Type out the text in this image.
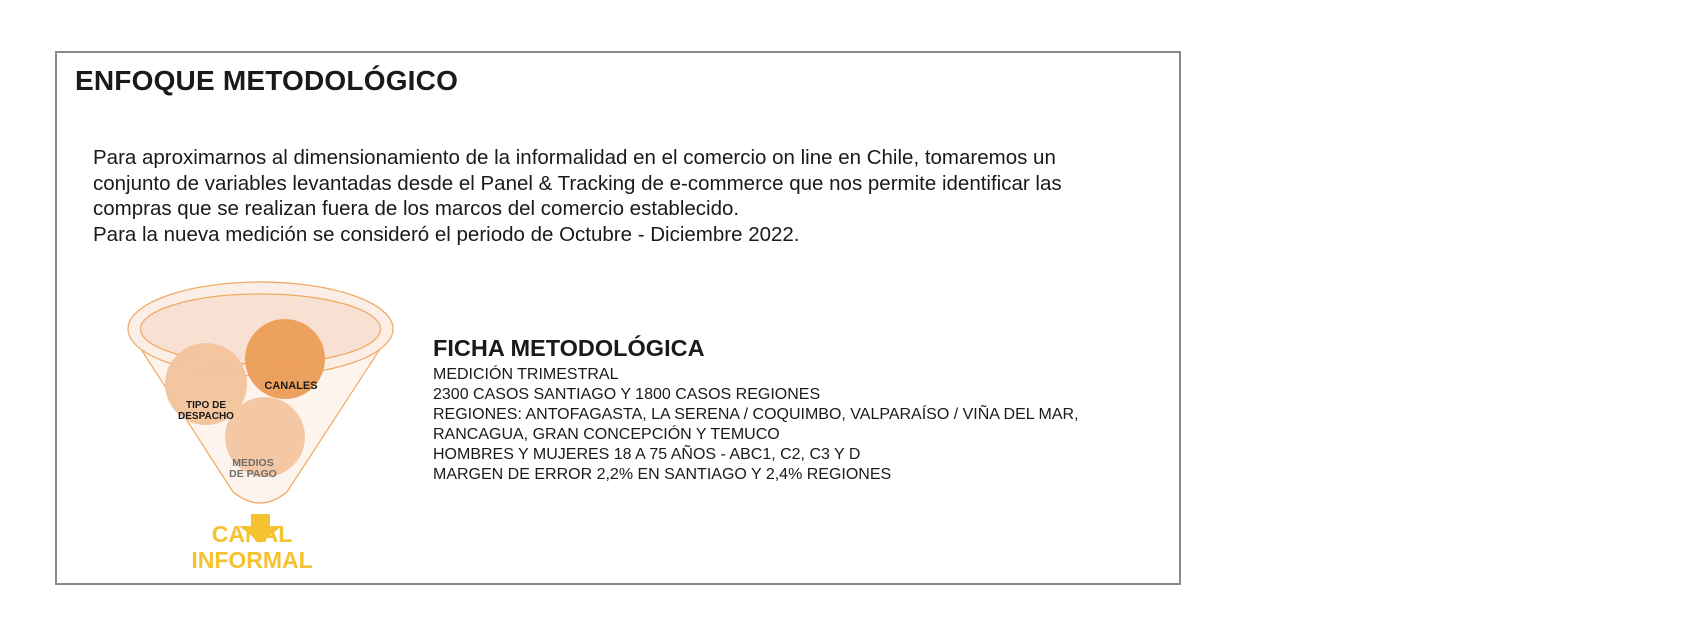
ENFOQUE METODOLÓGICO

Para aproximarnos al dimensionamiento de la informalidad en el comercio on line en Chile, tomaremos un
conjunto de variables levantadas desde el Panel & Tracking de e-commerce que nos permite identificar las
compras que se realizan fuera de los marcos del comercio establecido.
Para la nueva medición se consideró el periodo de Octubre - Diciembre 2022.

CANALES
TIPO DE
DESPACHO
MEDIOS
DE PAGO
CANAL
INFORMAL
FICHA METODOLÓGICA
MEDICIÓN TRIMESTRAL
2300 CASOS SANTIAGO Y 1800 CASOS REGIONES
REGIONES: ANTOFAGASTA, LA SERENA / COQUIMBO, VALPARAÍSO / VIÑA DEL MAR,
RANCAGUA, GRAN CONCEPCIÓN Y TEMUCO
HOMBRES Y MUJERES 18 A 75 AÑOS - ABC1, C2, C3 Y D
MARGEN DE ERROR 2,2% EN SANTIAGO Y 2,4% REGIONES
